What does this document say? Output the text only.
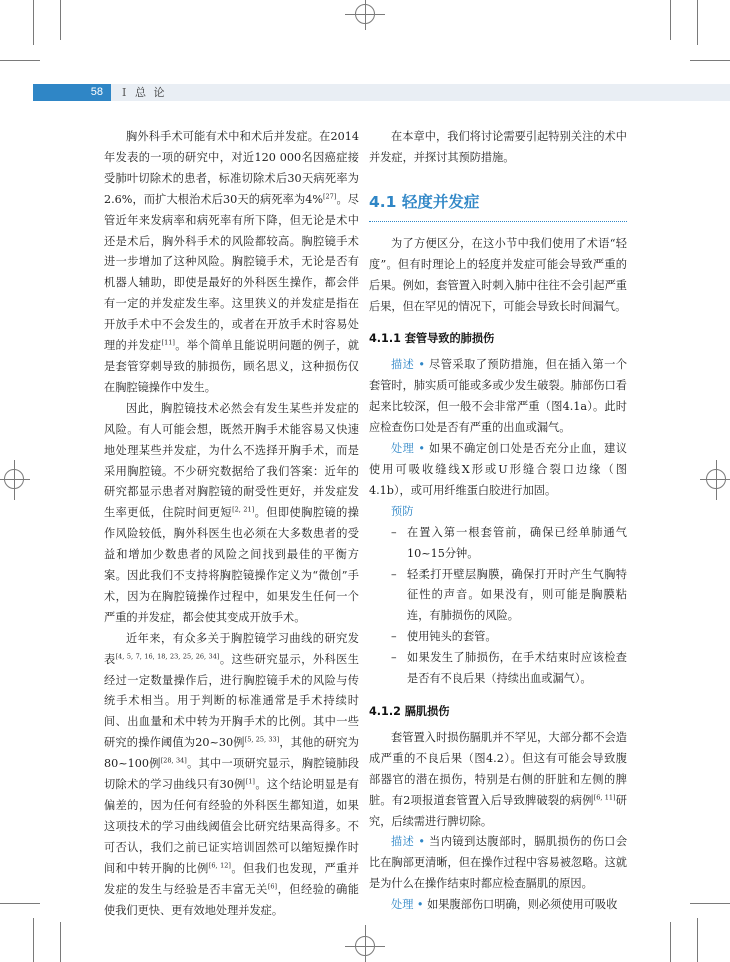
58 I 总 论

胸外科手术可能有术中和术后并发症。在2014年发表的一项的研究中，对近120 000名因癌症接受肺叶切除术的患者，标准切除术后30天病死率为2.6%，而扩大根治术后30天的病死率为4%[27]。尽管近年来发病率和病死率有所下降，但无论是术中还是术后，胸外科手术的风险都较高。胸腔镜手术进一步增加了这种风险。胸腔镜手术，无论是否有机器人辅助，即使是最好的外科医生操作，都会伴有一定的并发症发生率。这里狭义的并发症是指在开放手术中不会发生的，或者在开放手术时容易处理的并发症[11]。举个简单且能说明问题的例子，就是套管穿刺导致的肺损伤，顾名思义，这种损伤仅在胸腔镜操作中发生。

因此，胸腔镜技术必然会有发生某些并发症的风险。有人可能会想，既然开胸手术能容易又快速地处理某些并发症，为什么不选择开胸手术，而是采用胸腔镜。不少研究数据给了我们答案：近年的研究都显示患者对胸腔镜的耐受性更好，并发症发生率更低，住院时间更短[2, 21]。但即使胸腔镜的操作风险较低，胸外科医生也必须在大多数患者的受益和增加少数患者的风险之间找到最佳的平衡方案。因此我们不支持将胸腔镜操作定义为“微创”手术，因为在胸腔镜操作过程中，如果发生任何一个严重的并发症，都会使其变成开放手术。

近年来，有众多关于胸腔镜学习曲线的研究发表[4, 5, 7, 16, 18, 23, 25, 26, 34]。这些研究显示，外科医生经过一定数量操作后，进行胸腔镜手术的风险与传统手术相当。用于判断的标准通常是手术持续时间、出血量和术中转为开胸手术的比例。其中一些研究的操作阈值为20~30例[5, 25, 33]，其他的研究为80~100例[28, 34]。其中一项研究显示，胸腔镜肺段切除术的学习曲线只有30例[1]。这个结论明显是有偏差的，因为任何有经验的外科医生都知道，如果这项技术的学习曲线阈值会比研究结果高得多。不可否认，我们之前已证实培训固然可以缩短操作时间和中转开胸的比例[6, 12]。但我们也发现，严重并发症的发生与经验是否丰富无关[6]，但经验的确能使我们更快、更有效地处理并发症。

在本章中，我们将讨论需要引起特别关注的术中并发症，并探讨其预防措施。

4.1 轻度并发症

为了方便区分，在这小节中我们使用了术语“轻度”。但有时理论上的轻度并发症可能会导致严重的后果。例如，套管置入时刺入肺中往往不会引起严重后果，但在罕见的情况下，可能会导致长时间漏气。

4.1.1 套管导致的肺损伤

描述 • 尽管采取了预防措施，但在插入第一个套管时，肺实质可能或多或少发生破裂。肺部伤口看起来比较深，但一般不会非常严重（图4.1a）。此时应检查伤口处是否有严重的出血或漏气。

处理 • 如果不确定创口处是否充分止血，建议使用可吸收缝线X形或U形缝合裂口边缘（图4.1b），或可用纤维蛋白胶进行加固。

预防

– 在置入第一根套管前，确保已经单肺通气10~15分钟。
– 轻柔打开壁层胸膜，确保打开时产生气胸特征性的声音。如果没有，则可能是胸膜粘连，有肺损伤的风险。
– 使用钝头的套管。
– 如果发生了肺损伤，在手术结束时应该检查是否有不良后果（持续出血或漏气）。
4.1.2 膈肌损伤

套管置入时损伤膈肌并不罕见，大部分都不会造成严重的不良后果（图4.2）。但这有可能会导致腹部器官的潜在损伤，特别是右侧的肝脏和左侧的脾脏。有2项报道套管置入后导致脾破裂的病例[6, 11]研究，后续需进行脾切除。

描述 • 当内镜到达腹部时，膈肌损伤的伤口会比在胸部更清晰，但在操作过程中容易被忽略。这就是为什么在操作结束时都应检查膈肌的原因。

处理 • 如果腹部伤口明确，则必须使用可吸收
